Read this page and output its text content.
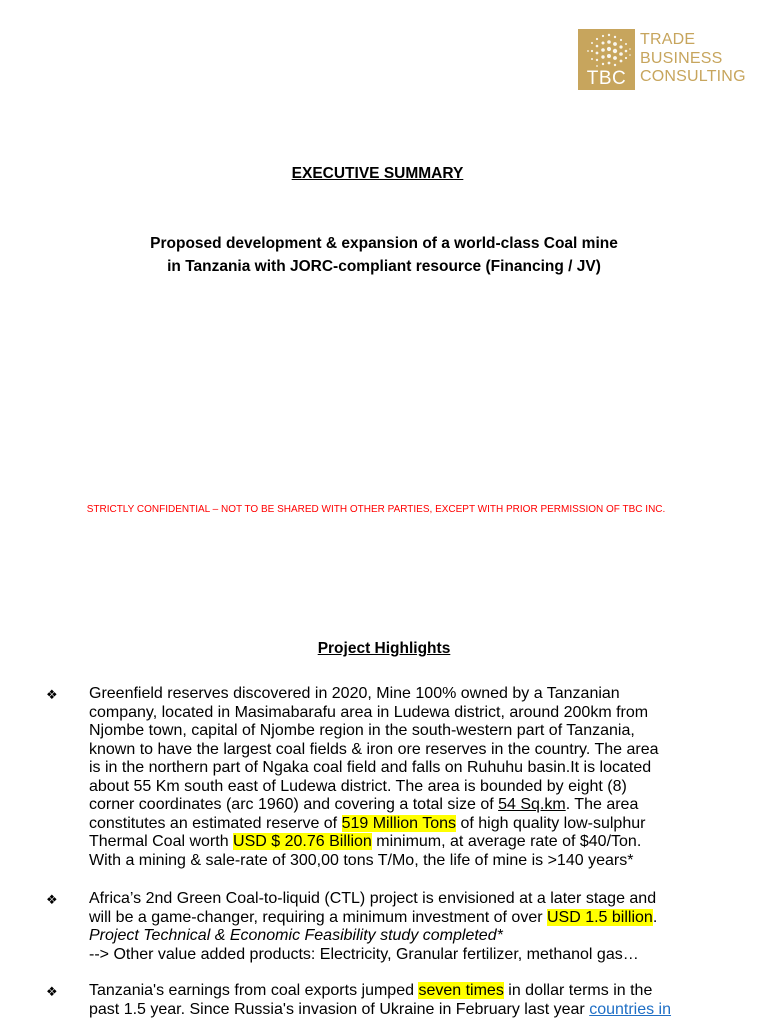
TBC
TRADE
BUSINESS
CONSULTING
EXECUTIVE SUMMARY
Proposed development & expansion of a world-class Coal mine
in Tanzania with JORC-compliant resource (Financing / JV)
STRICTLY CONFIDENTIAL – NOT TO BE SHARED WITH OTHER PARTIES, EXCEPT WITH PRIOR PERMISSION OF TBC INC.
Project Highlights
❖ Greenfield reserves discovered in 2020, Mine 100% owned by a Tanzanian
company, located in Masimabarafu area in Ludewa district, around 200km from
Njombe town, capital of Njombe region in the south-western part of Tanzania,
known to have the largest coal fields & iron ore reserves in the country. The area
is in the northern part of Ngaka coal field and falls on Ruhuhu basin.It is located
about 55 Km south east of Ludewa district. The area is bounded by eight (8)
corner coordinates (arc 1960) and covering a total size of 54 Sq.km. The area
constitutes an estimated reserve of 519 Million Tons of high quality low-sulphur
Thermal Coal worth USD $ 20.76 Billion minimum, at average rate of $40/Ton.
With a mining & sale-rate of 300,00 tons T/Mo, the life of mine is >140 years*
❖ Africa’s 2nd Green Coal-to-liquid (CTL) project is envisioned at a later stage and
will be a game-changer, requiring a minimum investment of over USD 1.5 billion.
Project Technical & Economic Feasibility study completed*
--> Other value added products: Electricity, Granular fertilizer, methanol gas…
❖ Tanzania's earnings from coal exports jumped seven times in dollar terms in the
past 1.5 year. Since Russia's invasion of Ukraine in February last year countries in
